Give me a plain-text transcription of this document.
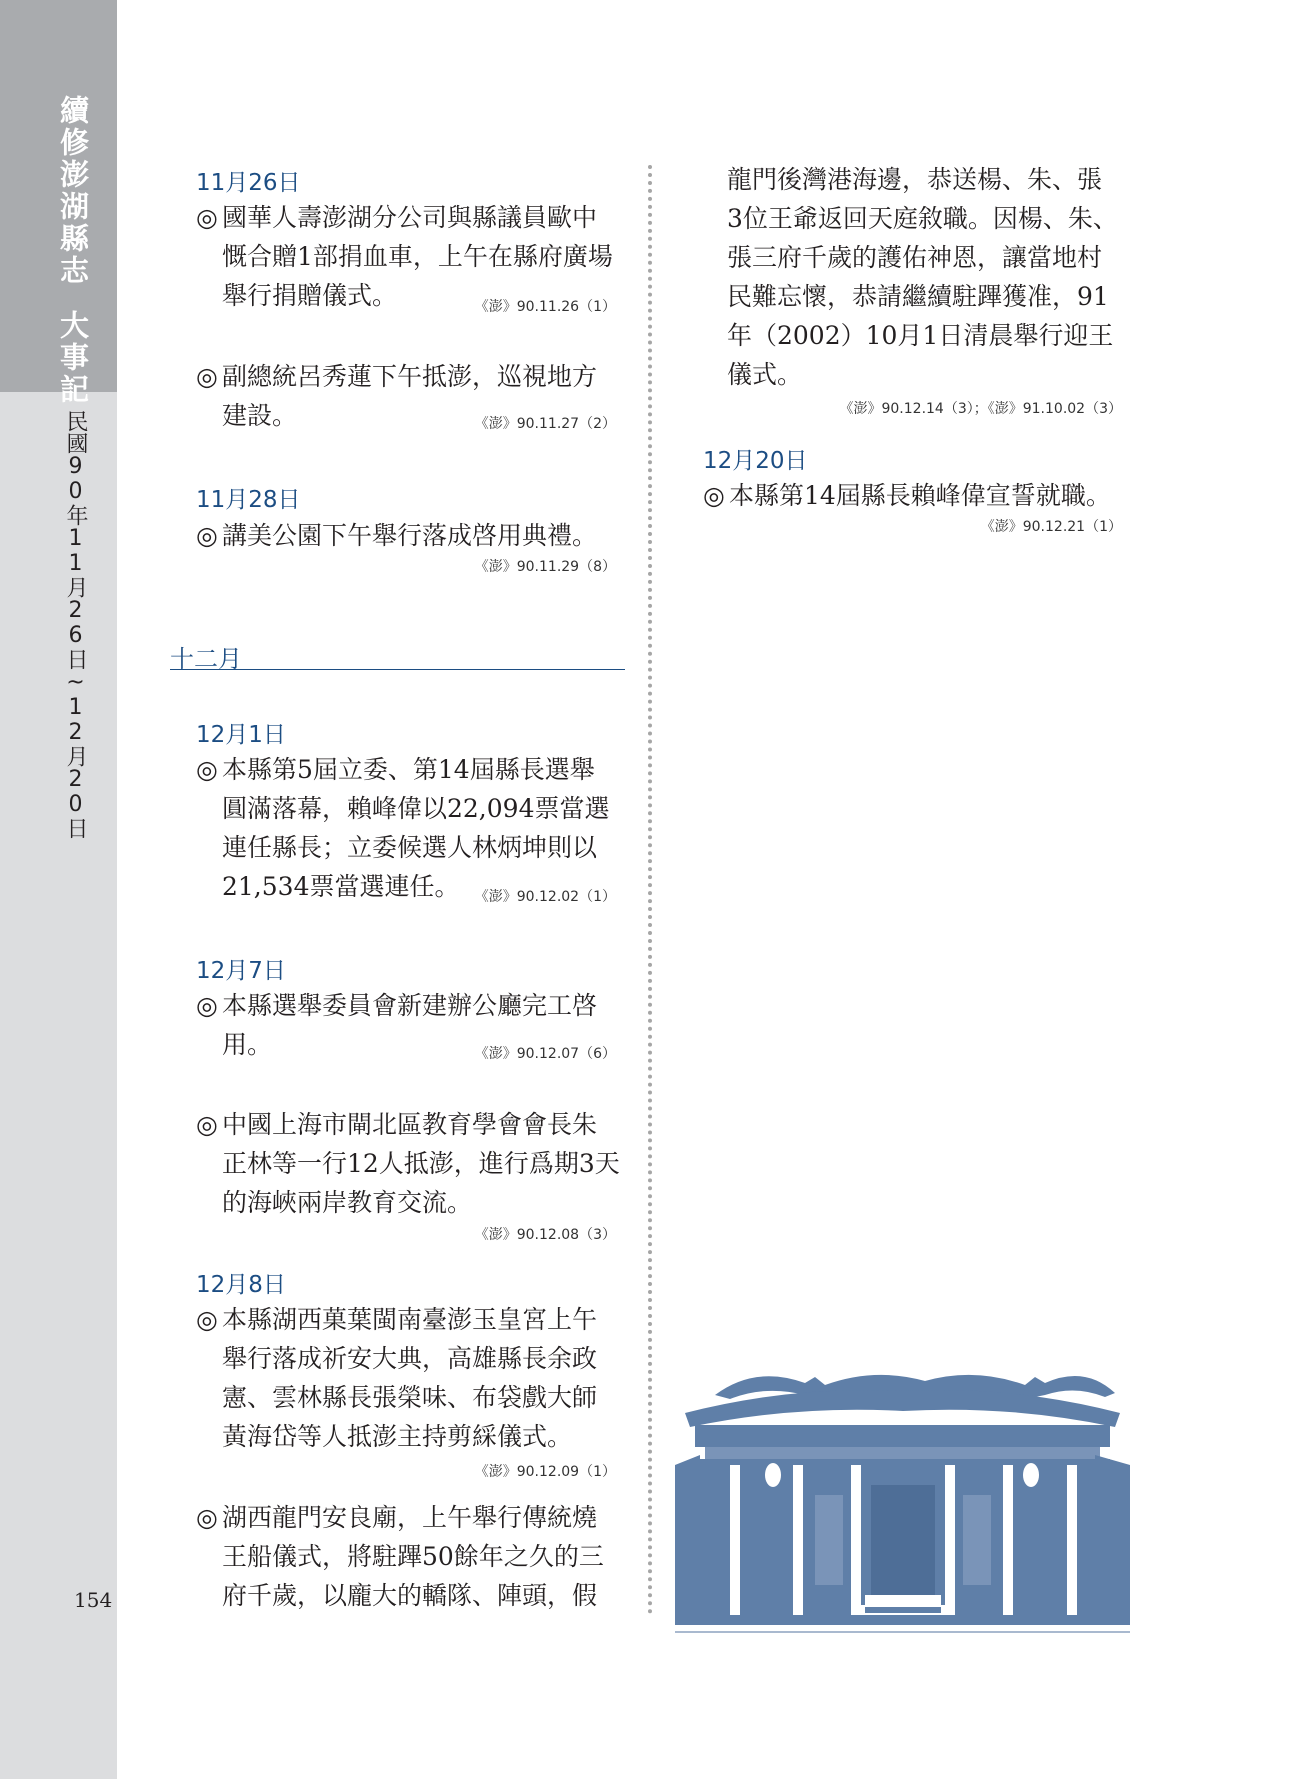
續修澎湖縣志
大事記
民國90年11月26日~12月20日
154
11月26日
◎ 國華人壽澎湖分公司與縣議員歐中
慨合贈1部捐血車，上午在縣府廣場
舉行捐贈儀式。	《澎》90.11.26（1）
◎ 副總統呂秀蓮下午抵澎，巡視地方
建設。	《澎》90.11.27（2）
11月28日
◎ 講美公園下午舉行落成啓用典禮。
《澎》90.11.29（8）
十二月
12月1日
◎ 本縣第5屆立委、第14屆縣長選舉
圓滿落幕，賴峰偉以22,094票當選
連任縣長；立委候選人林炳坤則以
21,534票當選連任。	《澎》90.12.02（1）
12月7日
◎ 本縣選舉委員會新建辦公廳完工啓
用。	《澎》90.12.07（6）
◎ 中國上海市閘北區教育學會會長朱
正林等一行12人抵澎，進行爲期3天
的海峽兩岸教育交流。
《澎》90.12.08（3）
12月8日
◎ 本縣湖西菓葉閩南臺澎玉皇宮上午
舉行落成祈安大典，高雄縣長余政
憲、雲林縣長張榮味、布袋戲大師
黃海岱等人抵澎主持剪綵儀式。
《澎》90.12.09（1）
◎ 湖西龍門安良廟，上午舉行傳統燒
王船儀式，將駐蹕50餘年之久的三
府千歲，以龐大的轎隊、陣頭，假
龍門後灣港海邊，恭送楊、朱、張
3位王爺返回天庭敘職。因楊、朱、
張三府千歲的護佑神恩，讓當地村
民難忘懷，恭請繼續駐蹕獲准，91
年（2002）10月1日清晨舉行迎王
儀式。
《澎》90.12.14（3）；《澎》91.10.02（3）
12月20日
◎ 本縣第14屆縣長賴峰偉宣誓就職。
《澎》90.12.21（1）
